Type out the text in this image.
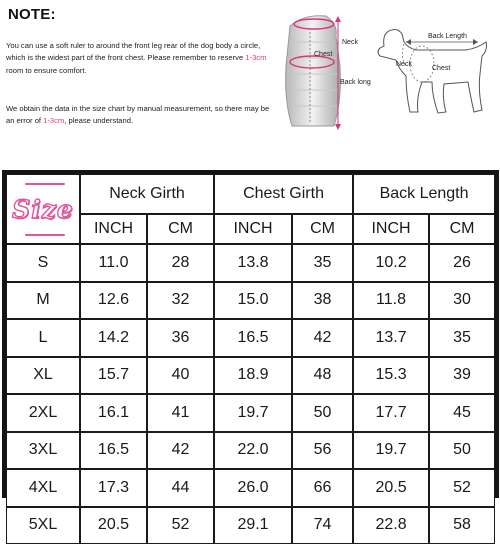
NOTE:
You can use a soft ruler to around the front leg rear of the dog body a circle, which is the widest part of the front chest. Please remember to reserve 1-3cm room to ensure comfort.
We obtain the data in the size chart by manual measurement, so there may be an error of 1-3cm, please understand.
Neck
Chest
Back long
Back Length
Neck
Chest
Size	Neck Girth		Chest Girth		Back Length	
	INCH	CM	INCH	CM	INCH	CM
S	11.0	28	13.8	35	10.2	26
M	12.6	32	15.0	38	11.8	30
L	14.2	36	16.5	42	13.7	35
XL	15.7	40	18.9	48	15.3	39
2XL	16.1	41	19.7	50	17.7	45
3XL	16.5	42	22.0	56	19.7	50
4XL	17.3	44	26.0	66	20.5	52
5XL	20.5	52	29.1	74	22.8	58
